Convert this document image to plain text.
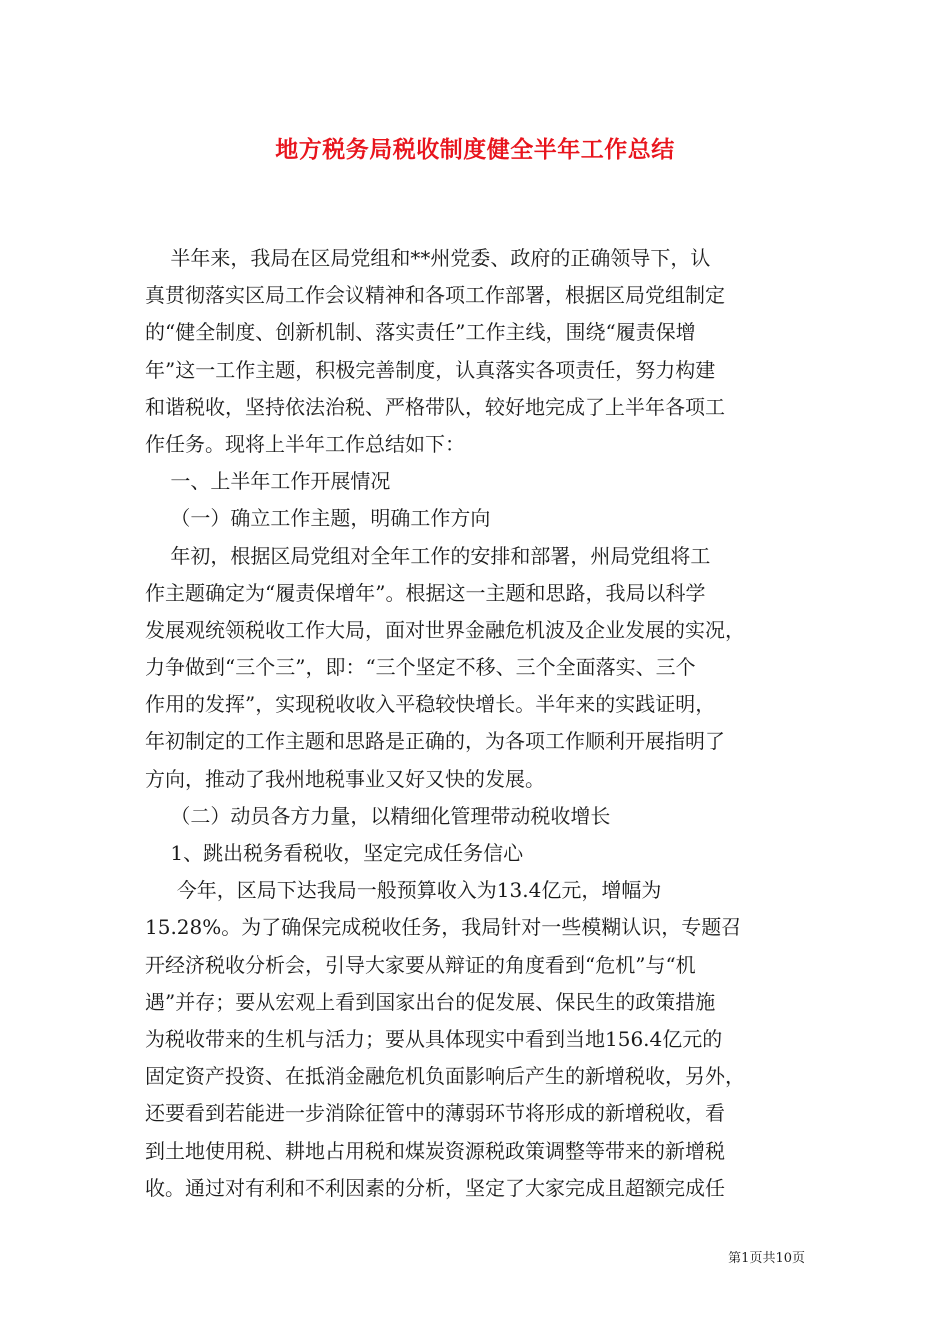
地方税务局税收制度健全半年工作总结
半年来，我局在区局党组和**州党委、政府的正确领导下，认
真贯彻落实区局工作会议精神和各项工作部署，根据区局党组制定
的“健全制度、创新机制、落实责任”工作主线，围绕“履责保增
年”这一工作主题，积极完善制度，认真落实各项责任，努力构建
和谐税收，坚持依法治税、严格带队，较好地完成了上半年各项工
作任务。现将上半年工作总结如下：
一、上半年工作开展情况
（一）确立工作主题，明确工作方向
年初，根据区局党组对全年工作的安排和部署，州局党组将工
作主题确定为“履责保增年”。根据这一主题和思路，我局以科学
发展观统领税收工作大局，面对世界金融危机波及企业发展的实况，
力争做到“三个三”，即：“三个坚定不移、三个全面落实、三个
作用的发挥”，实现税收收入平稳较快增长。半年来的实践证明，
年初制定的工作主题和思路是正确的，为各项工作顺利开展指明了
方向，推动了我州地税事业又好又快的发展。
（二）动员各方力量，以精细化管理带动税收增长
1、跳出税务看税收，坚定完成任务信心
今年，区局下达我局一般预算收入为13.4亿元，增幅为
15.28%。为了确保完成税收任务，我局针对一些模糊认识，专题召
开经济税收分析会，引导大家要从辩证的角度看到“危机”与“机
遇”并存；要从宏观上看到国家出台的促发展、保民生的政策措施
为税收带来的生机与活力；要从具体现实中看到当地156.4亿元的
固定资产投资、在抵消金融危机负面影响后产生的新增税收，另外，
还要看到若能进一步消除征管中的薄弱环节将形成的新增税收，看
到土地使用税、耕地占用税和煤炭资源税政策调整等带来的新增税
收。通过对有利和不利因素的分析，坚定了大家完成且超额完成任
第1页共10页
